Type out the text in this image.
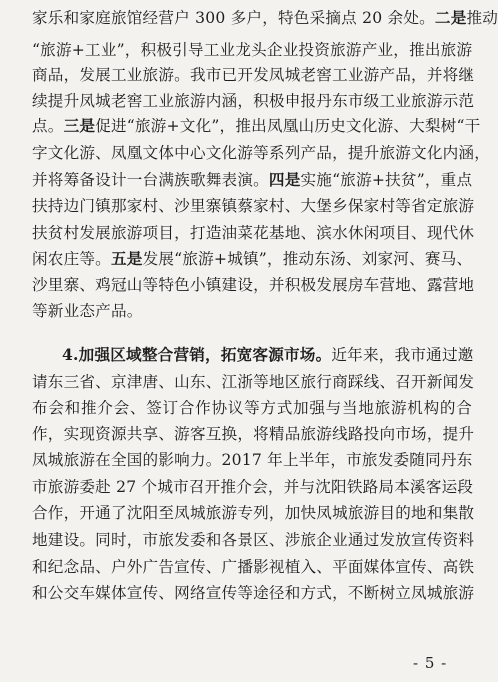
家乐和家庭旅馆经营户 300 多户，特色采摘点 20 余处。二是推动
“旅游+工业”，积极引导工业龙头企业投资旅游产业，推出旅游
商品，发展工业旅游。我市已开发凤城老窖工业游产品，并将继
续提升凤城老窖工业旅游内涵，积极申报丹东市级工业旅游示范
点。三是促进“旅游+文化”，推出凤凰山历史文化游、大梨树“干
字文化游、凤凰文体中心文化游等系列产品，提升旅游文化内涵，
并将筹备设计一台满族歌舞表演。四是实施“旅游+扶贫”，重点
扶持边门镇那家村、沙里寨镇蔡家村、大堡乡保家村等省定旅游
扶贫村发展旅游项目，打造油菜花基地、滨水休闲项目、现代休
闲农庄等。五是发展“旅游+城镇”，推动东汤、刘家河、赛马、
沙里寨、鸡冠山等特色小镇建设，并积极发展房车营地、露营地
等新业态产品。
4.加强区域整合营销，拓宽客源市场。近年来，我市通过邀
请东三省、京津唐、山东、江浙等地区旅行商踩线、召开新闻发
布会和推介会、签订合作协议等方式加强与当地旅游机构的合
作，实现资源共享、游客互换，将精品旅游线路投向市场，提升
凤城旅游在全国的影响力。2017 年上半年，市旅发委随同丹东
市旅游委赴 27 个城市召开推介会，并与沈阳铁路局本溪客运段
合作，开通了沈阳至凤城旅游专列，加快凤城旅游目的地和集散
地建设。同时，市旅发委和各景区、涉旅企业通过发放宣传资料
和纪念品、户外广告宣传、广播影视植入、平面媒体宣传、高铁
和公交车媒体宣传、网络宣传等途径和方式，不断树立凤城旅游
- 5 -
